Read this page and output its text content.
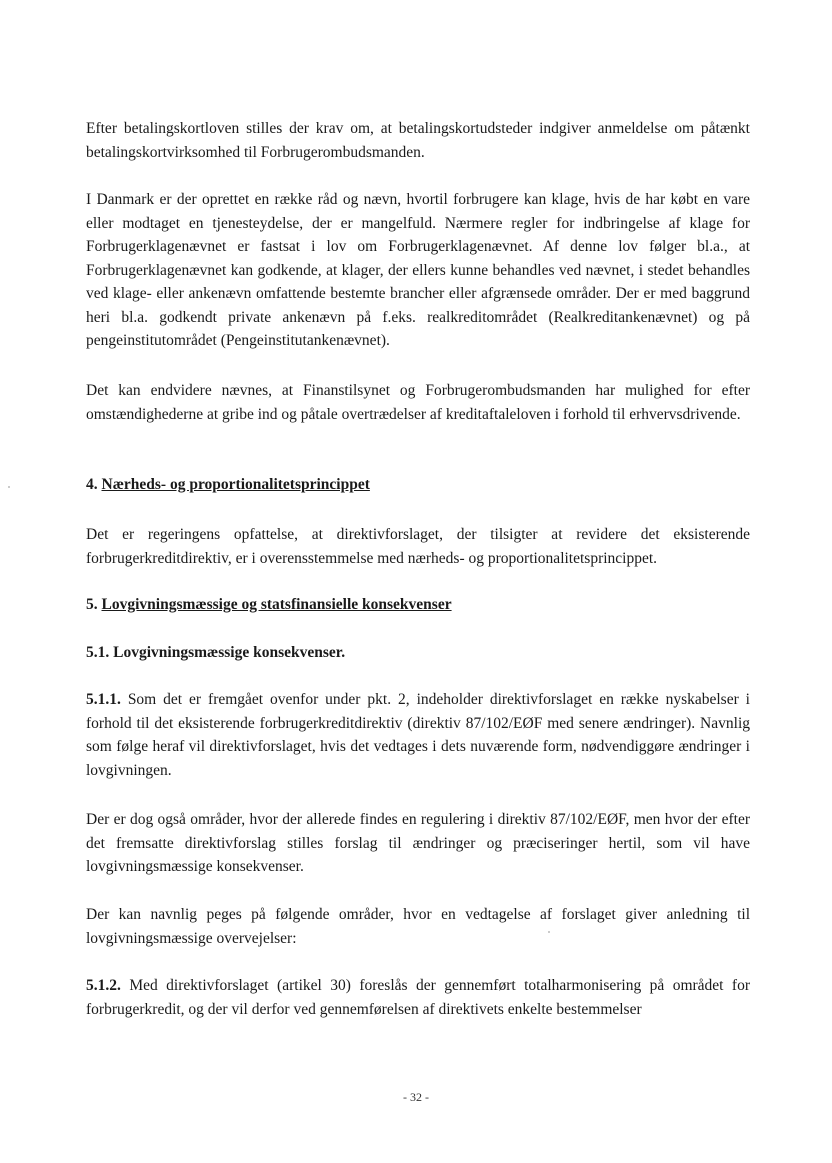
Efter betalingskortloven stilles der krav om, at betalingskortudsteder indgiver anmeldelse om påtænkt betalingskortvirksomhed til Forbrugerombudsmanden.

I Danmark er der oprettet en række råd og nævn, hvortil forbrugere kan klage, hvis de har købt en vare eller modtaget en tjenesteydelse, der er mangelfuld. Nærmere regler for indbringelse af klage for Forbrugerklagenævnet er fastsat i lov om Forbrugerklagenævnet. Af denne lov følger bl.a., at Forbrugerklagenævnet kan godkende, at klager, der ellers kunne behandles ved nævnet, i stedet behandles ved klage- eller ankenævn omfattende bestemte brancher eller afgrænsede områder. Der er med baggrund heri bl.a. godkendt private ankenævn på f.eks. realkreditområdet (Realkreditankenævnet) og på pengeinstitutområdet (Pengeinstitutankenævnet).

Det kan endvidere nævnes, at Finanstilsynet og Forbrugerombudsmanden har mulighed for efter omstændighederne at gribe ind og påtale overtrædelser af kreditaftaleloven i forhold til erhvervsdrivende.

4. Nærheds- og proportionalitetsprincippet

Det er regeringens opfattelse, at direktivforslaget, der tilsigter at revidere det eksisterende forbrugerkreditdirektiv, er i overensstemmelse med nærheds- og proportionalitetsprincippet.

5. Lovgivningsmæssige og statsfinansielle konsekvenser
5.1. Lovgivningsmæssige konsekvenser.

5.1.1. Som det er fremgået ovenfor under pkt. 2, indeholder direktivforslaget en række nyskabelser i forhold til det eksisterende forbrugerkreditdirektiv (direktiv 87/102/EØF med senere ændringer). Navnlig som følge heraf vil direktivforslaget, hvis det vedtages i dets nuværende form, nødvendiggøre ændringer i lovgivningen.

Der er dog også områder, hvor der allerede findes en regulering i direktiv 87/102/EØF, men hvor der efter det fremsatte direktivforslag stilles forslag til ændringer og præciseringer hertil, som vil have lovgivningsmæssige konsekvenser.

Der kan navnlig peges på følgende områder, hvor en vedtagelse af forslaget giver anledning til lovgivningsmæssige overvejelser:

5.1.2. Med direktivforslaget (artikel 30) foreslås der gennemført totalharmonisering på området for forbrugerkredit, og der vil derfor ved gennemførelsen af direktivets enkelte bestemmelser

- 32 -
